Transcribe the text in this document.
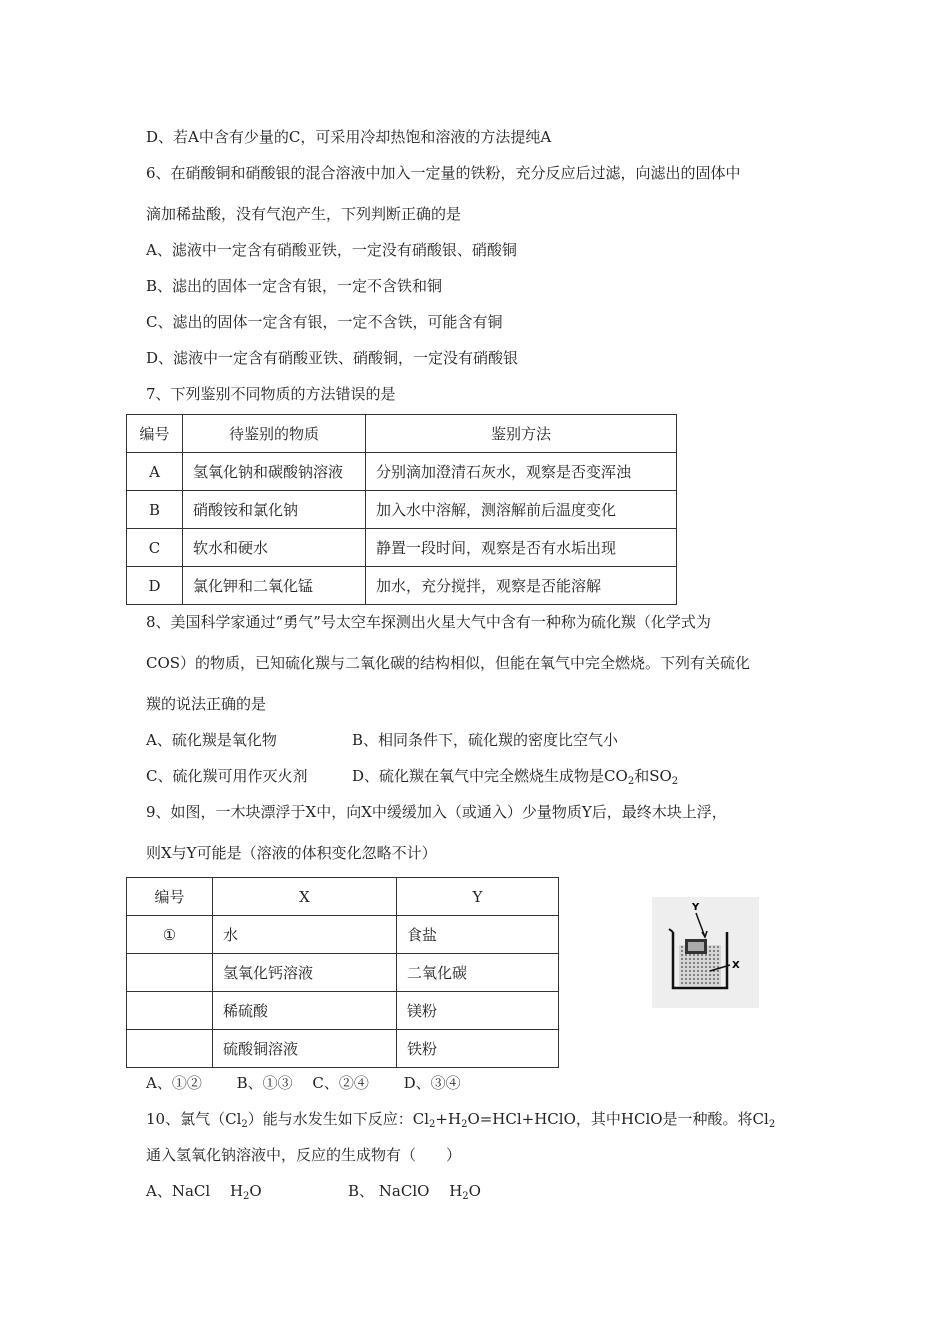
D、若A中含有少量的C，可采用冷却热饱和溶液的方法提纯A
6、在硝酸铜和硝酸银的混合溶液中加入一定量的铁粉，充分反应后过滤，向滤出的固体中
滴加稀盐酸，没有气泡产生，下列判断正确的是
A、滤液中一定含有硝酸亚铁，一定没有硝酸银、硝酸铜
B、滤出的固体一定含有银，一定不含铁和铜
C、滤出的固体一定含有银，一定不含铁，可能含有铜
D、滤液中一定含有硝酸亚铁、硝酸铜，一定没有硝酸银
7、下列鉴别不同物质的方法错误的是
编号	待鉴别的物质	鉴别方法
A	氢氧化钠和碳酸钠溶液	分别滴加澄清石灰水，观察是否变浑浊
B	硝酸铵和氯化钠	加入水中溶解，测溶解前后温度变化
C	软水和硬水	静置一段时间，观察是否有水垢出现
D	氯化钾和二氧化锰	加水，充分搅拌，观察是否能溶解
8、美国科学家通过“勇气”号太空车探测出火星大气中含有一种称为硫化羰（化学式为
COS）的物质，已知硫化羰与二氧化碳的结构相似，但能在氧气中完全燃烧。下列有关硫化
羰的说法正确的是
A、硫化羰是氧化物	B、相同条件下，硫化羰的密度比空气小
C、硫化羰可用作灭火剂	D、硫化羰在氧气中完全燃烧生成物是$CO_2$和$SO_2$
9、如图，一木块漂浮于X中，向X中缓缓加入（或通入）少量物质Y后，最终木块上浮，
则X与Y可能是（溶液的体积变化忽略不计）
编号	X	Y
①	水	食盐
	氢氧化钙溶液	二氧化碳
	稀硫酸	镁粉
	硫酸铜溶液	铁粉
Y
X
A、①②　　 B、①③　 C、②④　　 D、③④
10、氯气$(Cl_2)$能与水发生如下反应：$Cl_2+H_2O=HCl+HClO$，其中HClO是一种酸。将$Cl_2$
通入氢氧化钠溶液中，反应的生成物有（　　）
A、NaCl　 $H_2O$	B、 NaClO　 $H_2O$
